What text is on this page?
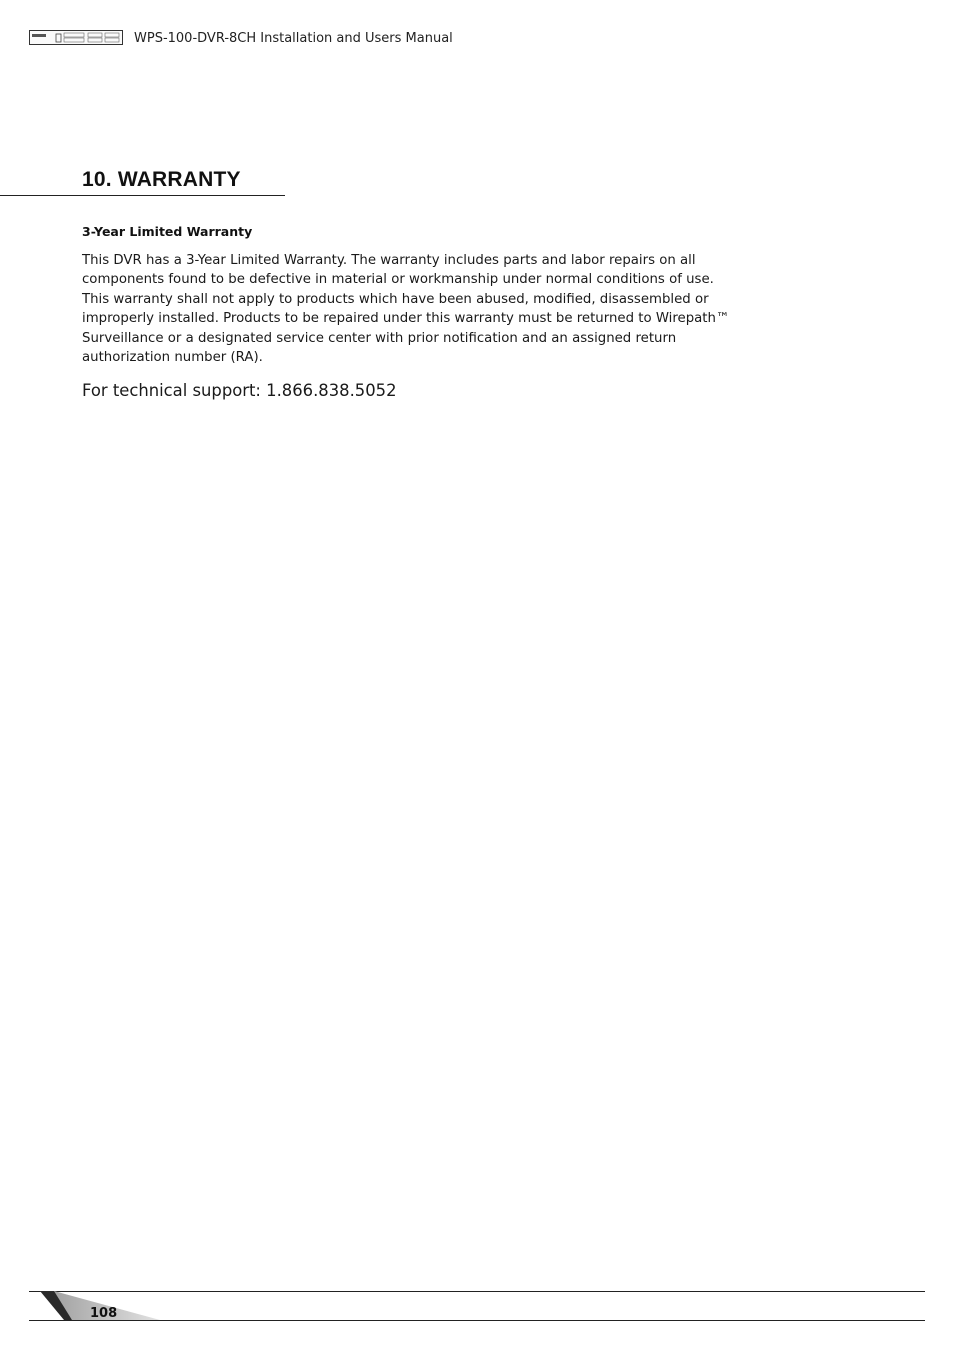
WPS-100-DVR-8CH Installation and Users Manual
10. WARRANTY
3-Year Limited Warranty
This DVR has a 3-Year Limited Warranty. The warranty includes parts and labor repairs on all
components found to be defective in material or workmanship under normal conditions of use.
This warranty shall not apply to products which have been abused, modified, disassembled or
improperly installed. Products to be repaired under this warranty must be returned to Wirepath™
Surveillance or a designated service center with prior notification and an assigned return
authorization number (RA).
For technical support: 1.866.838.5052
108
